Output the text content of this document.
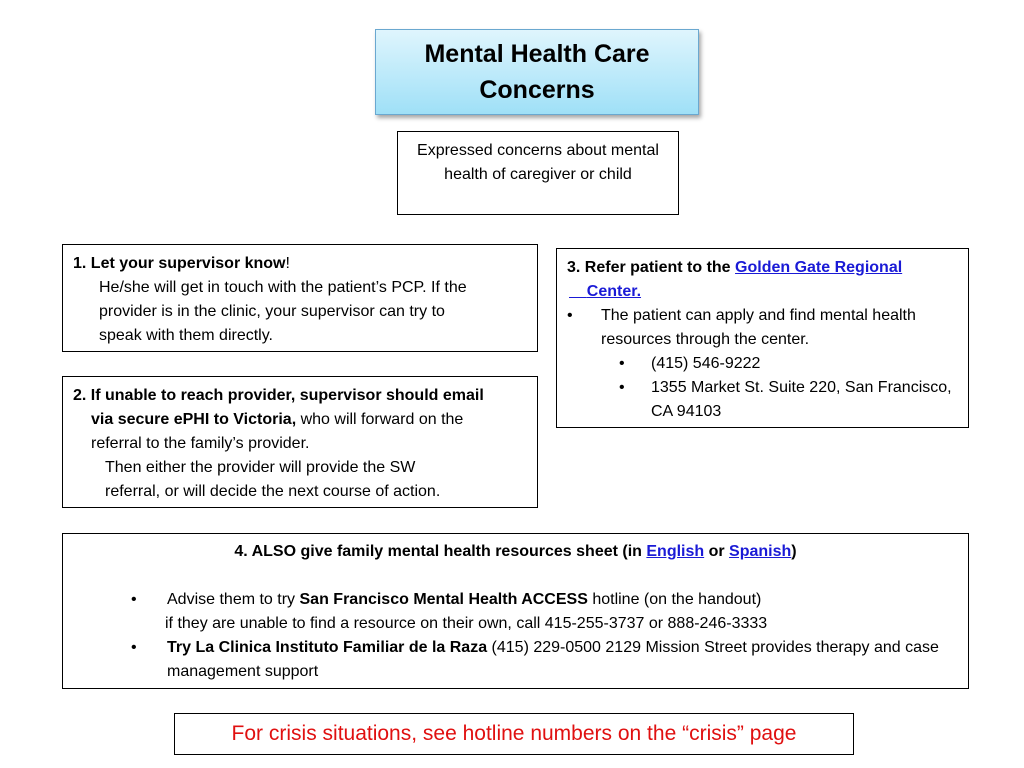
Mental Health Care
Concerns
Expressed concerns about mental health of caregiver or child
1. Let your supervisor know!
He/she will get in touch with the patient’s PCP. If the
provider is in the clinic, your supervisor can try to
speak with them directly.
2. If unable to reach provider, supervisor should email
via secure ePHI to Victoria, who will forward on the
referral to the family’s provider.
Then either the provider will provide the SW
referral, or will decide the next course of action.
3. Refer patient to the Golden Gate Regional
Center.
•	The patient can apply and find mental health resources through the center.
•	(415) 546-9222
•	1355 Market St. Suite 220, San Francisco, CA 94103
4. ALSO give family mental health resources sheet (in English or Spanish)
•	Advise them to try San Francisco Mental Health ACCESS hotline (on the handout)
if they are unable to find a resource on their own, call 415-255-3737 or 888-246-3333
•	Try La Clinica Instituto Familiar de la Raza (415) 229-0500 2129 Mission Street provides therapy and case management support
For crisis situations, see hotline numbers on the “crisis” page
